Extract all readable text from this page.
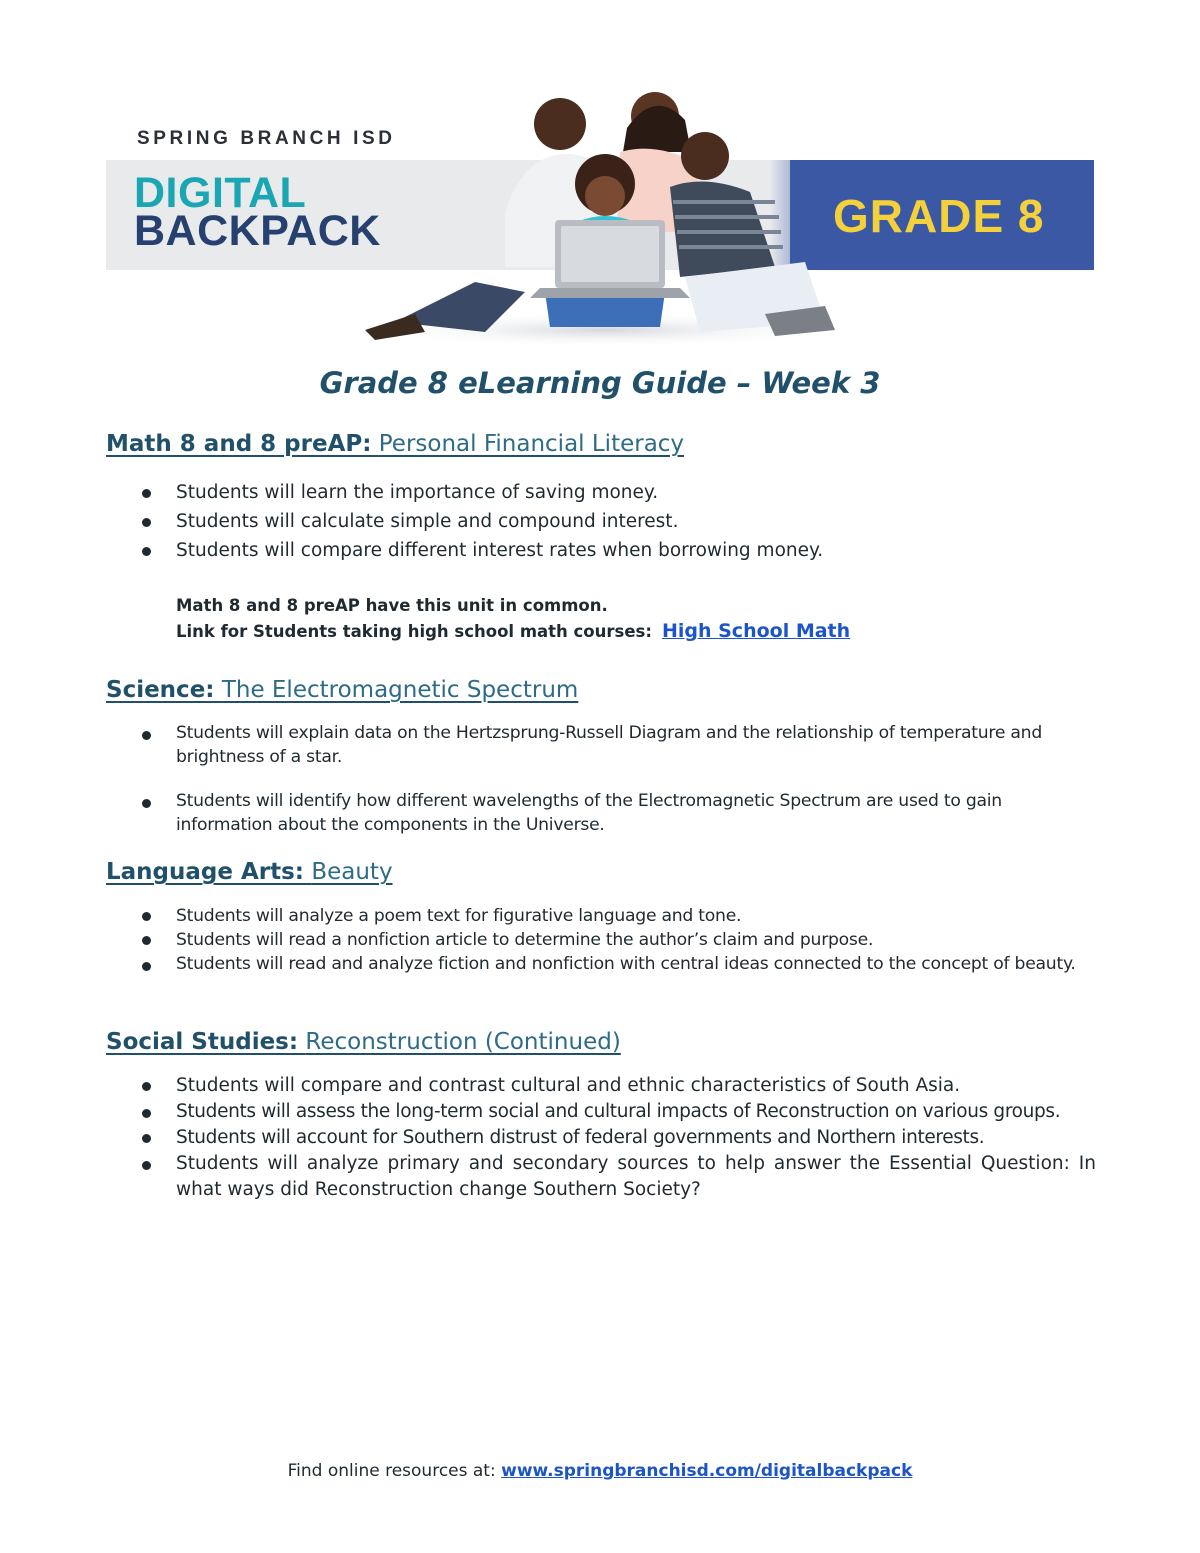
SPRING BRANCH ISD
DIGITAL
BACKPACK	GRADE 8
Grade 8 eLearning Guide – Week 3
Math 8 and 8 preAP: Personal Financial Literacy
Students will learn the importance of saving money.
Students will calculate simple and compound interest.
Students will compare different interest rates when borrowing money.
Math 8 and 8 preAP have this unit in common.
Link for Students taking high school math courses: High School Math
Science: The Electromagnetic Spectrum
Students will explain data on the Hertzsprung-Russell Diagram and the relationship of temperature and brightness of a star.
Students will identify how different wavelengths of the Electromagnetic Spectrum are used to gain information about the components in the Universe.
Language Arts: Beauty
Students will analyze a poem text for figurative language and tone.
Students will read a nonfiction article to determine the author’s claim and purpose.
Students will read and analyze fiction and nonfiction with central ideas connected to the concept of beauty.
Social Studies: Reconstruction (Continued)
Students will compare and contrast cultural and ethnic characteristics of South Asia.
Students will assess the long-term social and cultural impacts of Reconstruction on various groups.
Students will account for Southern distrust of federal governments and Northern interests.
Students will analyze primary and secondary sources to help answer the Essential Question: In what ways did Reconstruction change Southern Society?
Find online resources at: www.springbranchisd.com/digitalbackpack
